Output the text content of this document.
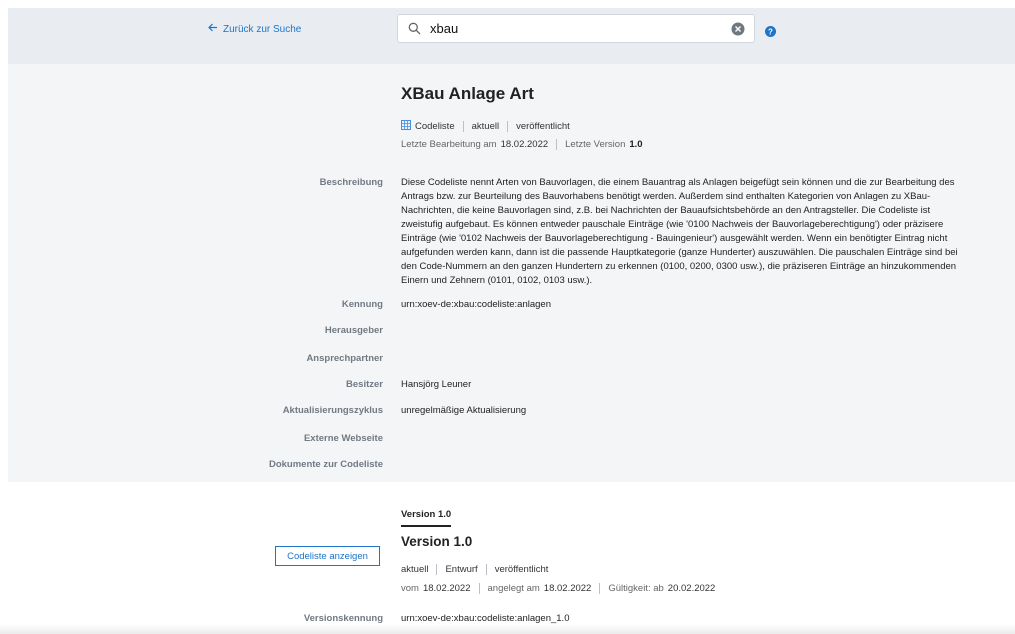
Zurück zur Suche
xbau	?
XBau Anlage Art
Codeliste	aktuell	veröffentlicht
Letzte Bearbeitung am 18.02.2022 Letzte Version 1.0
Beschreibung Diese Codeliste nennt Arten von Bauvorlagen, die einem Bauantrag als Anlagen beigefügt sein können und die zur Bearbeitung des Antrags bzw. zur Beurteilung des Bauvorhabens benötigt werden. Außerdem sind enthalten Kategorien von Anlagen zu XBau-Nachrichten, die keine Bauvorlagen sind, z.B. bei Nachrichten der Bauaufsichtsbehörde an den Antragsteller. Die Codeliste ist zweistufig aufgebaut. Es können entweder pauschale Einträge (wie '0100 Nachweis der Bauvorlageberechtigung') oder präzisere Einträge (wie '0102 Nachweis der Bauvorlageberechtigung - Bauingenieur') ausgewählt werden. Wenn ein benötigter Eintrag nicht aufgefunden werden kann, dann ist die passende Hauptkategorie (ganze Hunderter) auszuwählen. Die pauschalen Einträge sind bei den Code-Nummern an den ganzen Hundertern zu erkennen (0100, 0200, 0300 usw.), die präziseren Einträge an hinzukommenden Einern und Zehnern (0101, 0102, 0103 usw.).
Kennung urn:xoev-de:xbau:codeliste:anlagen
Herausgeber
Ansprechpartner
Besitzer Hansjörg Leuner
Aktualisierungszyklus unregelmäßige Aktualisierung
Externe Webseite
Dokumente zur Codeliste
Version 1.0
Version 1.0
Codeliste anzeigen
aktuell	Entwurf	veröffentlicht
vom 18.02.2022 angelegt am 18.02.2022 Gültigkeit: ab 20.02.2022
Versionskennung urn:xoev-de:xbau:codeliste:anlagen_1.0
